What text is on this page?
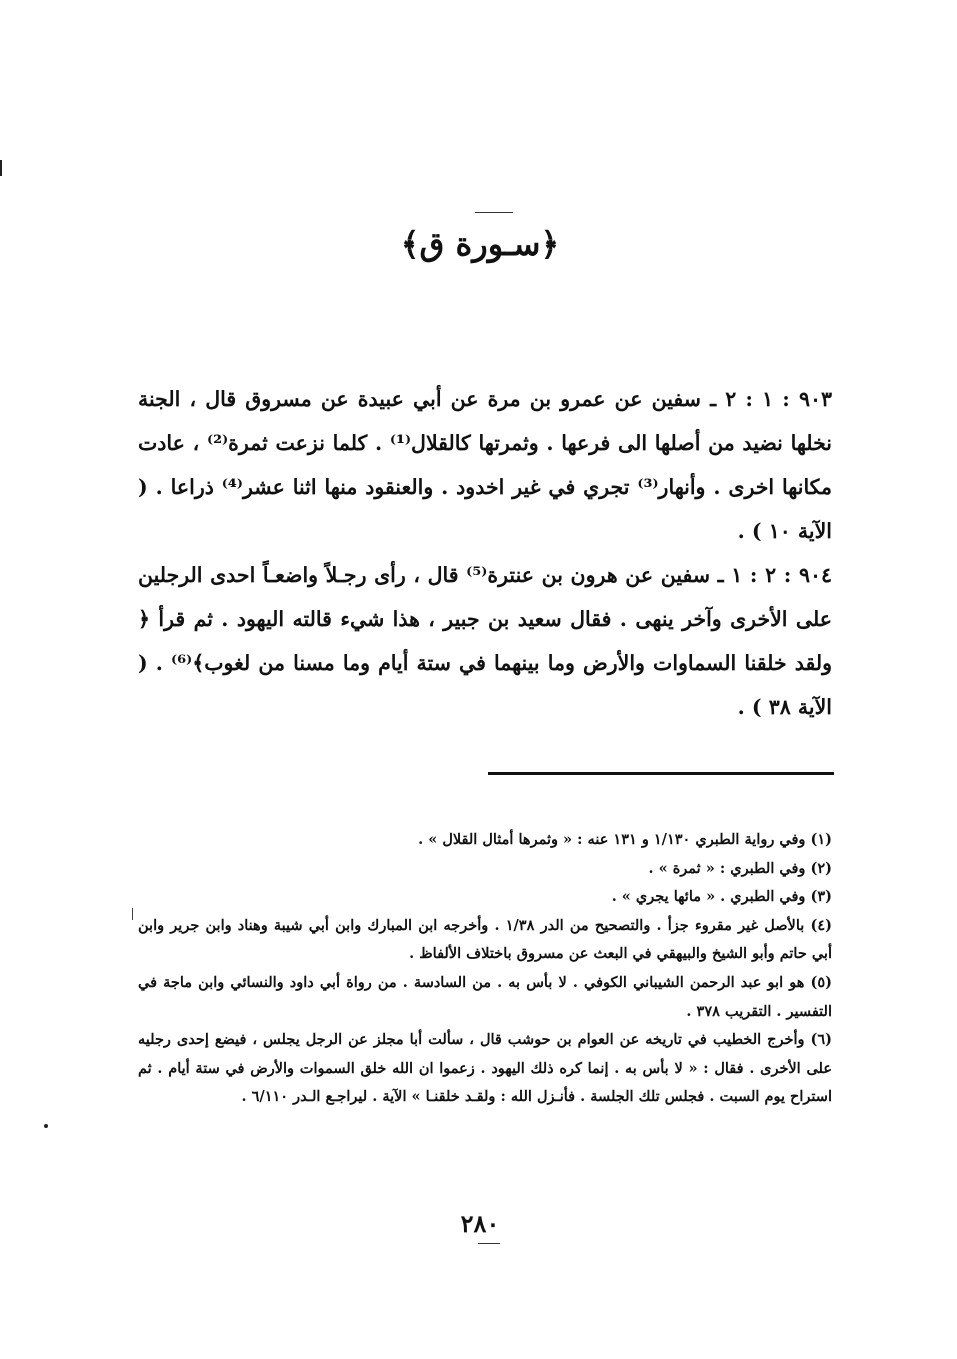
﴿سـورة ق﴾

٩٠٣ : ١ : ٢ ـ سفين عن عمرو بن مرة عن أبي عبيدة عن مسروق قال ، الجنة نخلها نضيد من أصلها الى فرعها . وثمرتها كالقلال⁽¹⁾ . كلما نزعت ثمرة⁽²⁾ ، عادت مكانها اخرى . وأنهار⁽³⁾ تجري في غير اخدود . والعنقود منها اثنا عشر⁽⁴⁾ ذراعا . ( الآية ١٠ ) .

٩٠٤ : ٢ : ١ ـ سفين عن هرون بن عنترة⁽⁵⁾ قال ، رأى رجـلاً واضعـاً احدى الرجلين على الأخرى وآخر ينهى . فقال سعيد بن جبير ، هذا شيء قالته اليهود . ثم قرأ ﴿ ولقد خلقنا السماوات والأرض وما بينهما في ستة أيام وما مسنا من لغوب﴾⁽⁶⁾ . ( الآية ٣٨ ) .

(١) وفي رواية الطبري ١/١٣٠ و ١٣١ عنه : « وثمرها أمثال القلال » .

(٢) وفي الطبري : « ثمرة » .

(٣) وفي الطبري . « مائها يجري » .

(٤) بالأصل غير مقروء جزأ . والتصحيح من الدر ١/٣٨ . وأخرجه ابن المبارك وابن أبي شيبة وهناد وابن جرير وابن أبي حاتم وأبو الشيخ والبيهقي في البعث عن مسروق باختلاف الألفاظ .

(٥) هو ابو عبد الرحمن الشيباني الكوفي . لا بأس به . من السادسة . من رواة أبي داود والنسائي وابن ماجة في التفسير . التقريب ٣٧٨ .

(٦) وأخرج الخطيب في تاريخه عن العوام بن حوشب قال ، سألت أبا مجلز عن الرجل يجلس ، فيضع إحدى رجليه على الأخرى . فقال : « لا بأس به . إنما كره ذلك اليهود . زعموا ان الله خلق السموات والأرض في ستة أيام . ثم استراح يوم السبت . فجلس تلك الجلسة . فأنـزل الله : ولقـد خلقنـا » الآية . ليراجـع الـدر ٦/١١٠ .

٢٨٠
